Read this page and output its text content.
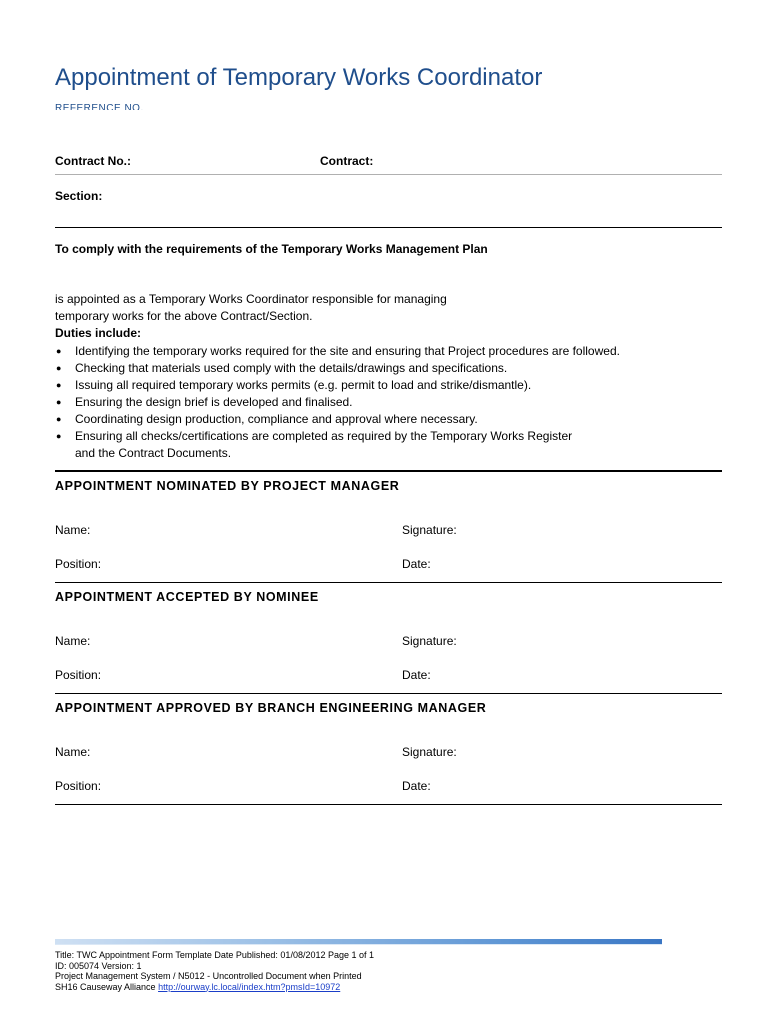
Appointment of Temporary Works Coordinator
REFERENCE NO.
Contract No.:	Contract:
Section:
To comply with the requirements of the Temporary Works Management Plan
is appointed as a Temporary Works Coordinator responsible for managing
temporary works for the above Contract/Section.
Duties include:
● Identifying the temporary works required for the site and ensuring that Project procedures are followed.
● Checking that materials used comply with the details/drawings and specifications.
● Issuing all required temporary works permits (e.g. permit to load and strike/dismantle).
● Ensuring the design brief is developed and finalised.
● Coordinating design production, compliance and approval where necessary.
● Ensuring all checks/certifications are completed as required by the Temporary Works Register
and the Contract Documents.
APPOINTMENT NOMINATED BY PROJECT MANAGER
Name:	Signature:
Position:	Date:
APPOINTMENT ACCEPTED BY NOMINEE
Name:	Signature:
Position:	Date:
APPOINTMENT APPROVED BY BRANCH ENGINEERING MANAGER
Name:	Signature:
Position:	Date:
Title: TWC Appointment Form Template Date Published: 01/08/2012 Page 1 of 1
ID: 005074 Version: 1
Project Management System / N5012 - Uncontrolled Document when Printed
SH16 Causeway Alliance http://ourway.lc.local/index.htm?pmsId=10972
